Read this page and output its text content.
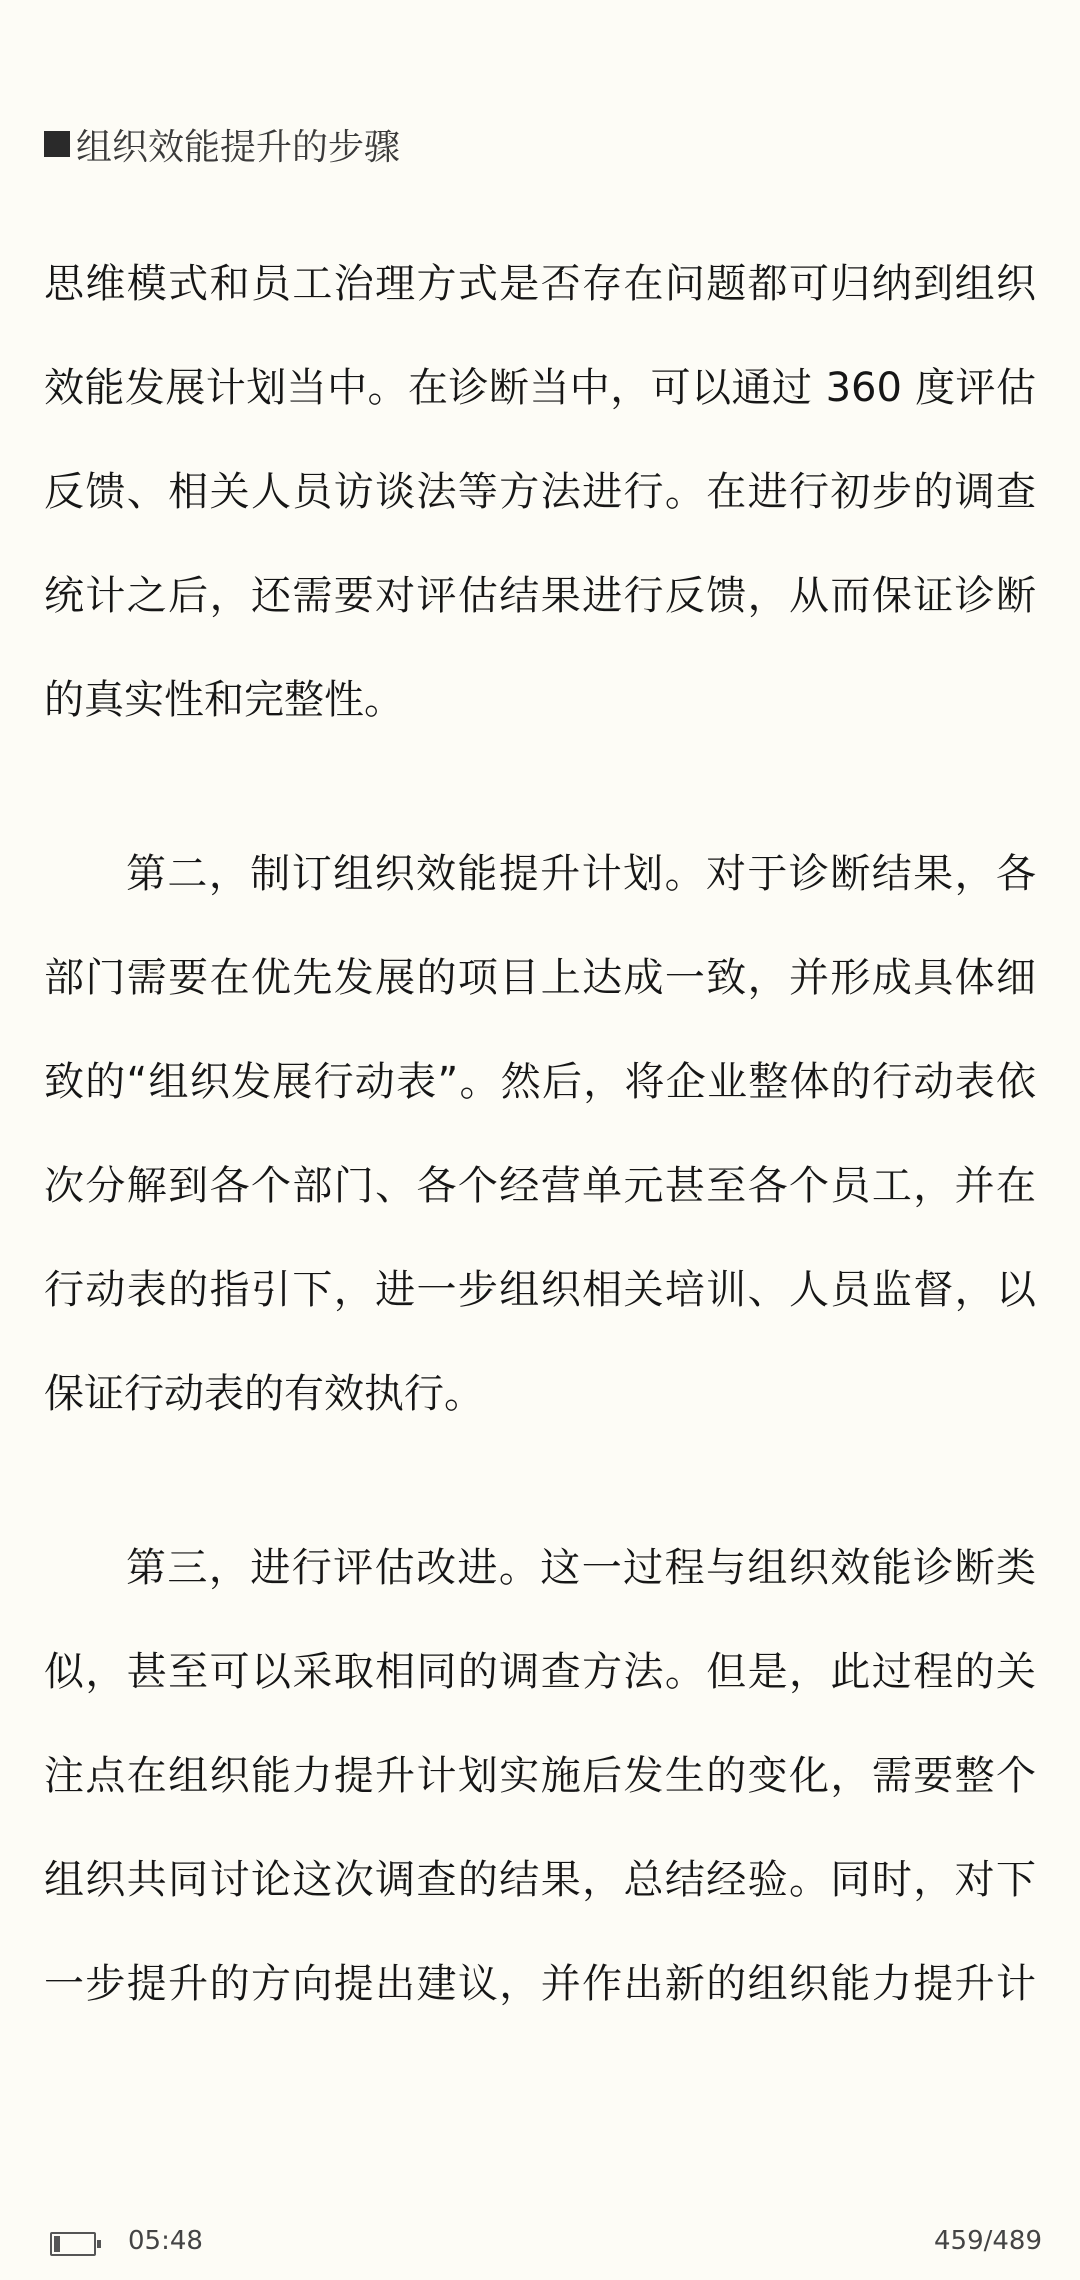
组织效能提升的步骤
思维模式和员工治理方式是否存在问题都可归纳到组织
效能发展计划当中。在诊断当中，可以通过 360 度评估
反馈、相关人员访谈法等方法进行。在进行初步的调查
统计之后，还需要对评估结果进行反馈，从而保证诊断
的真实性和完整性。
第二，制订组织效能提升计划。对于诊断结果，各
部门需要在优先发展的项目上达成一致，并形成具体细
致的“组织发展行动表”。然后，将企业整体的行动表依
次分解到各个部门、各个经营单元甚至各个员工，并在
行动表的指引下，进一步组织相关培训、人员监督，以
保证行动表的有效执行。
第三，进行评估改进。这一过程与组织效能诊断类
似，甚至可以采取相同的调查方法。但是，此过程的关
注点在组织能力提升计划实施后发生的变化，需要整个
组织共同讨论这次调查的结果，总结经验。同时，对下
一步提升的方向提出建议，并作出新的组织能力提升计
05:48	459/489
